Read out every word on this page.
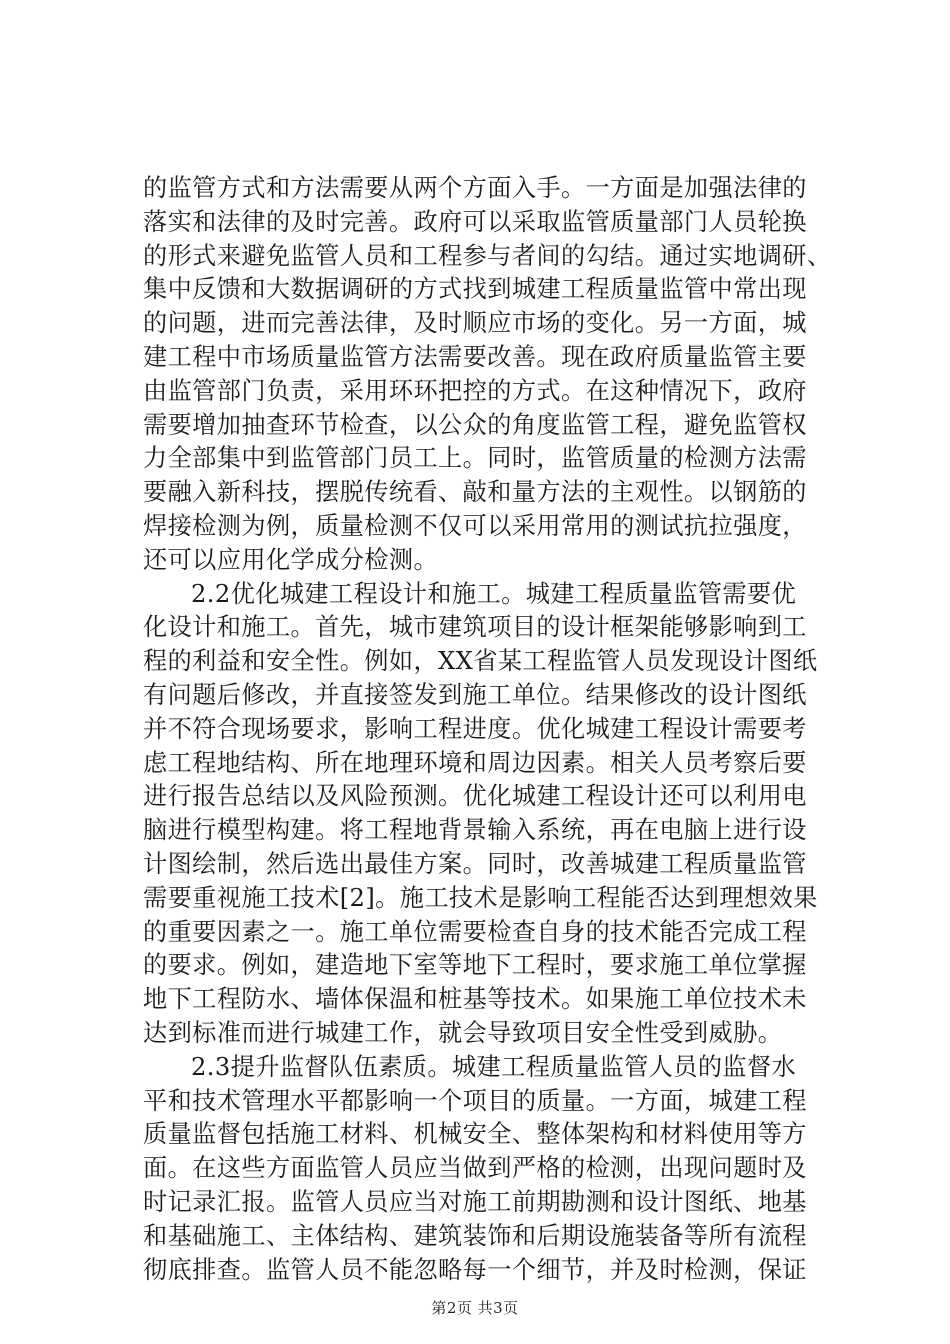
的监管方式和方法需要从两个方面入手。一方面是加强法律的
落实和法律的及时完善。政府可以采取监管质量部门人员轮换
的形式来避免监管人员和工程参与者间的勾结。通过实地调研、
集中反馈和大数据调研的方式找到城建工程质量监管中常出现
的问题，进而完善法律，及时顺应市场的变化。另一方面，城
建工程中市场质量监管方法需要改善。现在政府质量监管主要
由监管部门负责，采用环环把控的方式。在这种情况下，政府
需要增加抽查环节检查，以公众的角度监管工程，避免监管权
力全部集中到监管部门员工上。同时，监管质量的检测方法需
要融入新科技，摆脱传统看、敲和量方法的主观性。以钢筋的
焊接检测为例，质量检测不仅可以采用常用的测试抗拉强度，
还可以应用化学成分检测。
2.2优化城建工程设计和施工。城建工程质量监管需要优
化设计和施工。首先，城市建筑项目的设计框架能够影响到工
程的利益和安全性。例如，XX省某工程监管人员发现设计图纸
有问题后修改，并直接签发到施工单位。结果修改的设计图纸
并不符合现场要求，影响工程进度。优化城建工程设计需要考
虑工程地结构、所在地理环境和周边因素。相关人员考察后要
进行报告总结以及风险预测。优化城建工程设计还可以利用电
脑进行模型构建。将工程地背景输入系统，再在电脑上进行设
计图绘制，然后选出最佳方案。同时，改善城建工程质量监管
需要重视施工技术[2]。施工技术是影响工程能否达到理想效果
的重要因素之一。施工单位需要检查自身的技术能否完成工程
的要求。例如，建造地下室等地下工程时，要求施工单位掌握
地下工程防水、墙体保温和桩基等技术。如果施工单位技术未
达到标准而进行城建工作，就会导致项目安全性受到威胁。
2.3提升监督队伍素质。城建工程质量监管人员的监督水
平和技术管理水平都影响一个项目的质量。一方面，城建工程
质量监督包括施工材料、机械安全、整体架构和材料使用等方
面。在这些方面监管人员应当做到严格的检测，出现问题时及
时记录汇报。监管人员应当对施工前期勘测和设计图纸、地基
和基础施工、主体结构、建筑装饰和后期设施装备等所有流程
彻底排查。监管人员不能忽略每一个细节，并及时检测，保证
第2页 共3页
